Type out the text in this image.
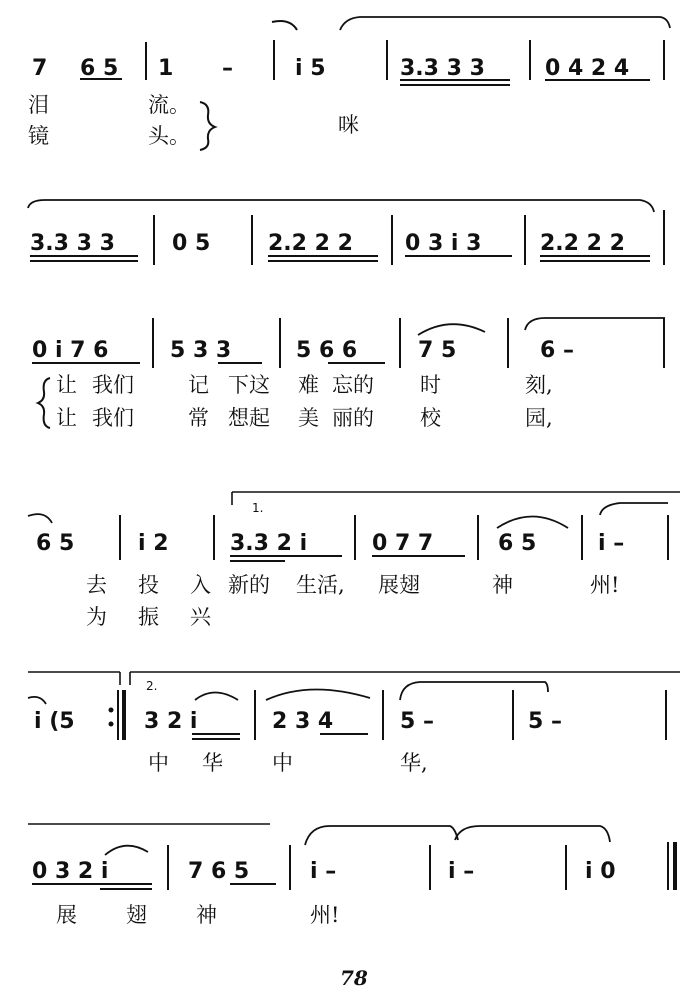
7 6 5 1 –	i 5	3.3 3 3	0 4 2 4
泪	流。
镜	头。	咪
3.3 3 3	0 5	2.2 2 2 0 3 i 3	2.2 2 2
0 i 7 6	5 3 3	5 6 6	7 5	6 –
让 我们	记 下这 难 忘的 时	刻,
让 我们	常 想起 美 丽的 校	园,
1.
6 5	i 2	3.3 2 i	0 7 7	6 5	i –
去 投 入 新的 生活, 展翅	神	州!
为 振 兴
2.
i (5	3 2 i	2 3 4	5 –	5 –
中 华 中	华,
0 3 2 i	7 6 5	i –	i –	i 0
展 翅 神	州!
78
